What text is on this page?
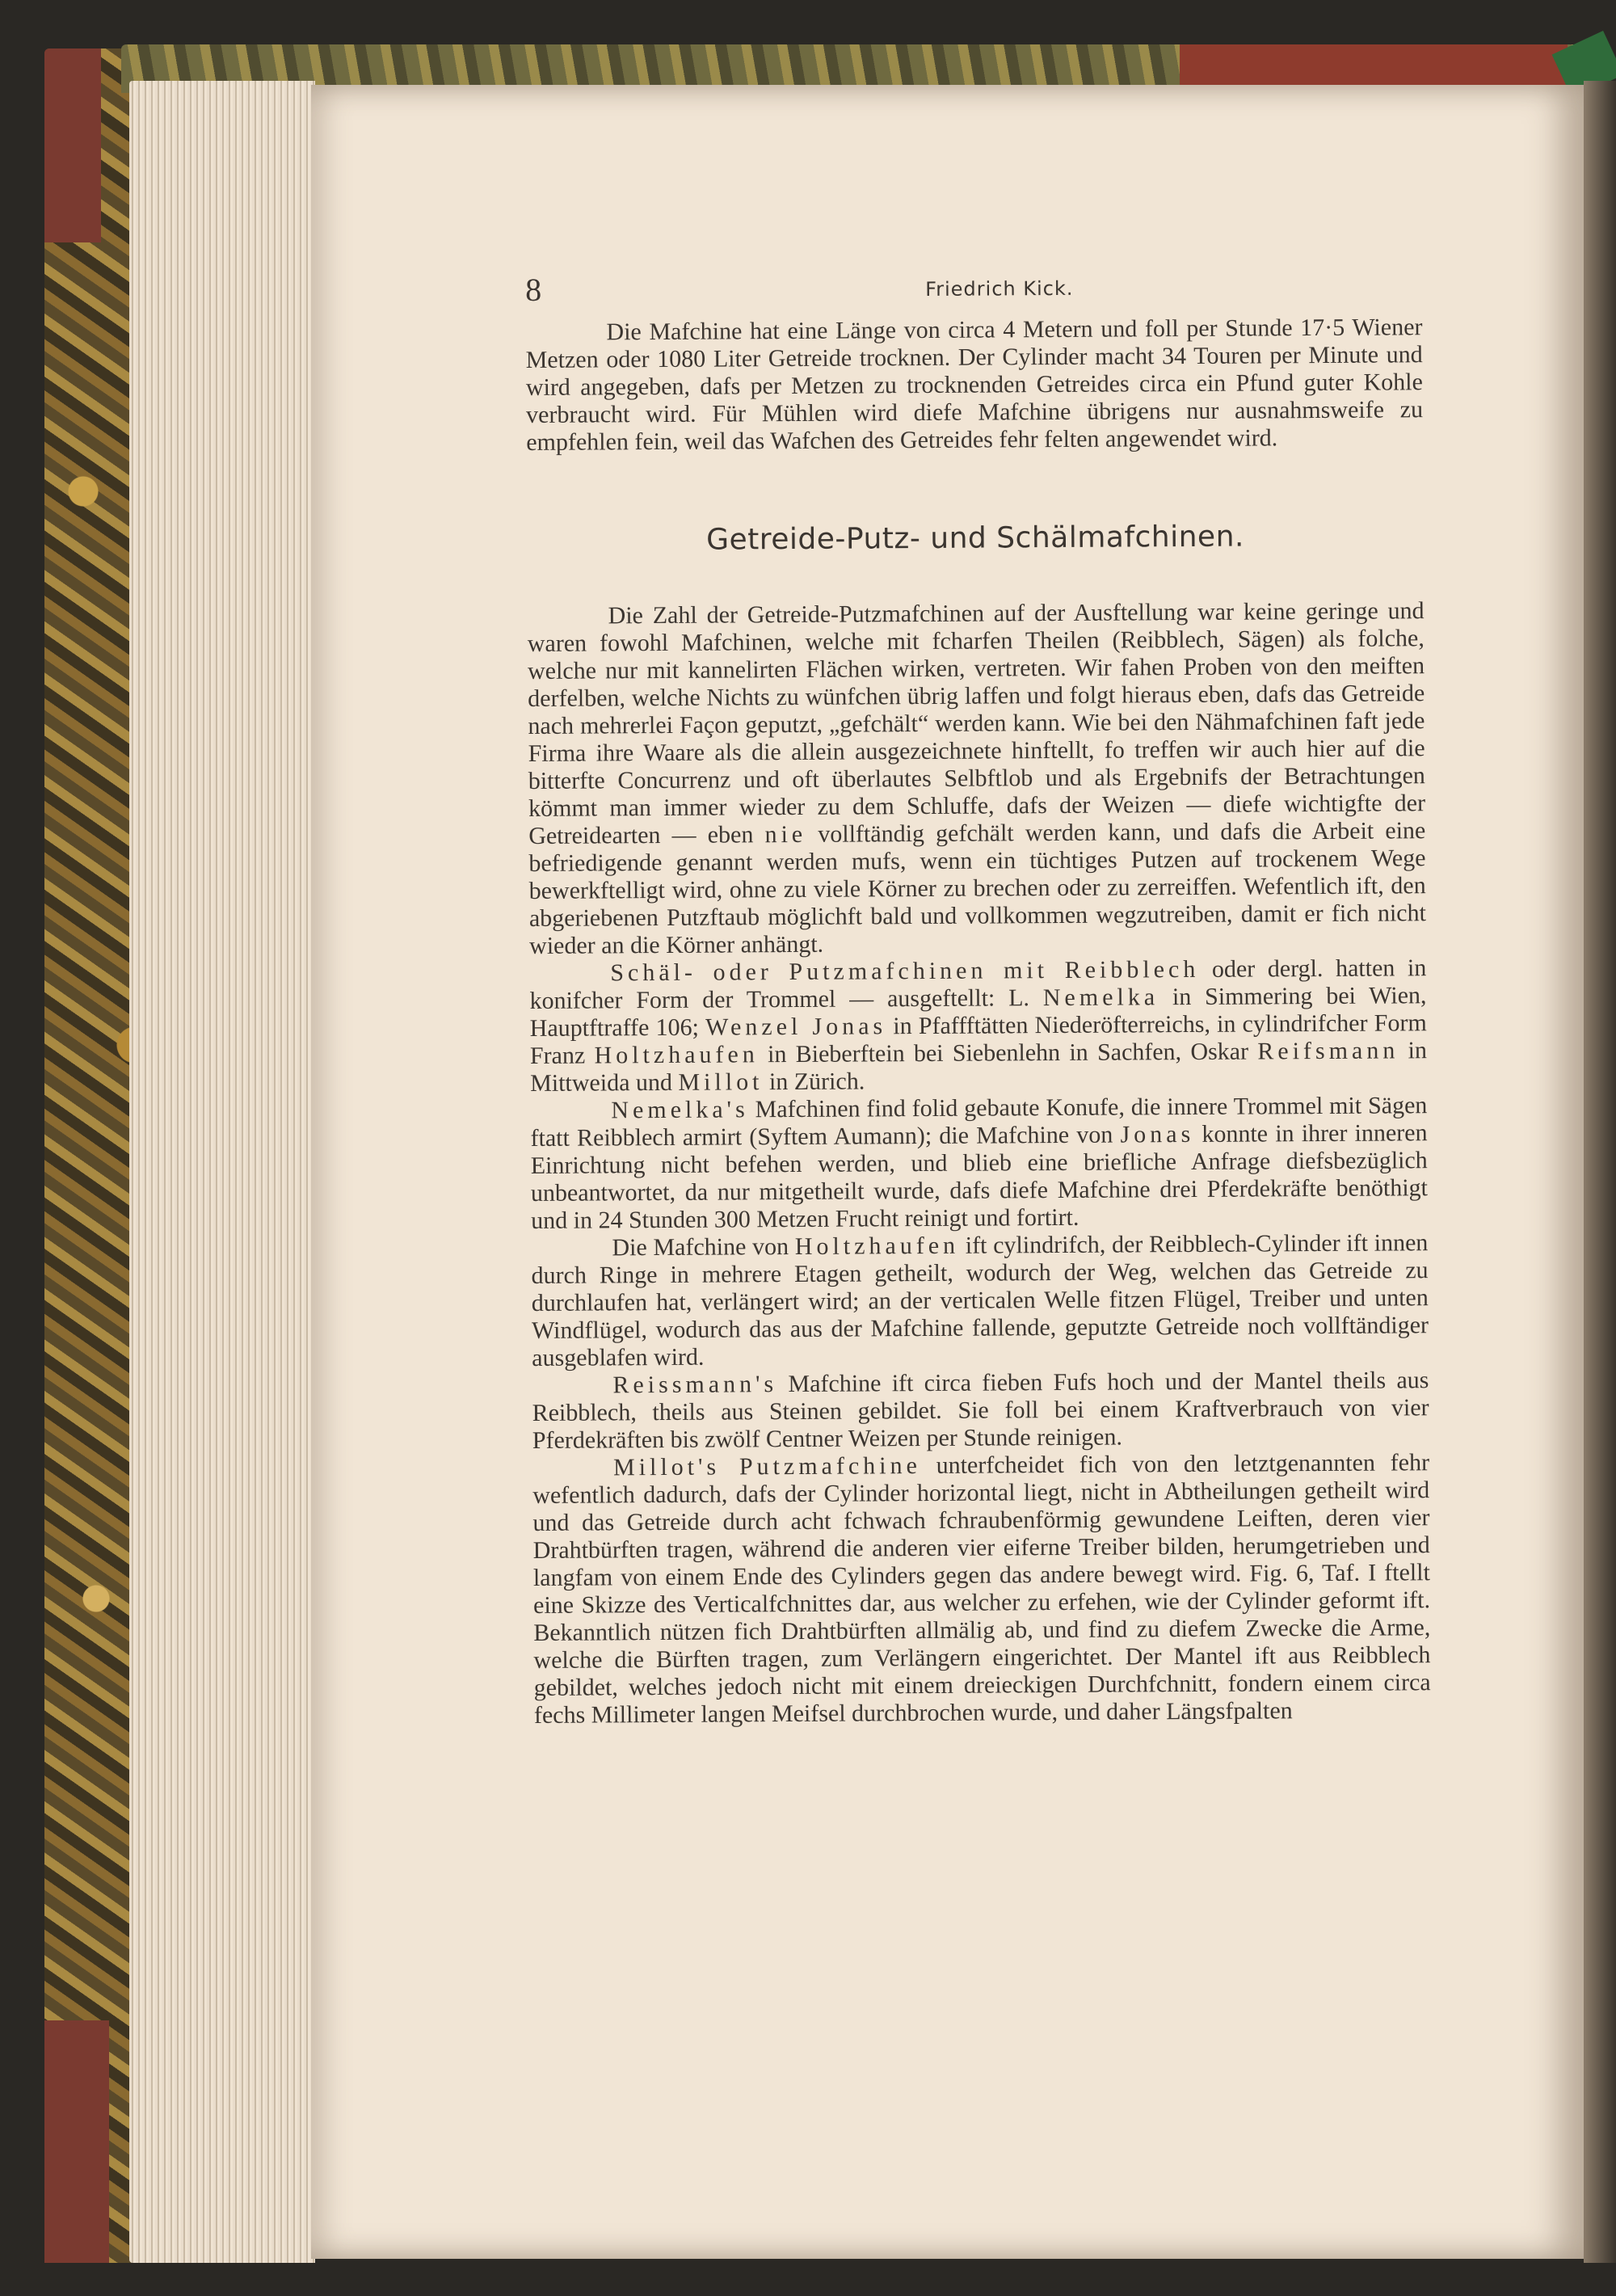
8	Friedrich Kick.

Die Mafchine hat eine Länge von circa 4 Metern und foll per Stunde 17·5 Wiener Metzen oder 1080 Liter Getreide trocknen. Der Cylinder macht 34 Touren per Minute und wird angegeben, dafs per Metzen zu trocknenden Getreides circa ein Pfund guter Kohle verbraucht wird. Für Mühlen wird diefe Mafchine übrigens nur ausnahmsweife zu empfehlen fein, weil das Wafchen des Getreides fehr felten angewendet wird.

Getreide-Putz- und Schälmafchinen.

Die Zahl der Getreide-Putzmafchinen auf der Ausftellung war keine geringe und waren fowohl Mafchinen, welche mit fcharfen Theilen (Reibblech, Sägen) als folche, welche nur mit kannelirten Flächen wirken, vertreten. Wir fahen Proben von den meiften derfelben, welche Nichts zu wünfchen übrig laffen und folgt hieraus eben, dafs das Getreide nach mehrerlei Façon geputzt, „gefchält“ werden kann. Wie bei den Nähmafchinen faft jede Firma ihre Waare als die allein ausgezeichnete hinftellt, fo treffen wir auch hier auf die bitterfte Concurrenz und oft überlautes Selbftlob und als Ergebnifs der Betrachtungen kömmt man immer wieder zu dem Schluffe, dafs der Weizen — diefe wichtigfte der Getreidearten — eben nie vollftändig gefchält werden kann, und dafs die Arbeit eine befriedigende genannt werden mufs, wenn ein tüchtiges Putzen auf trockenem Wege bewerkftelligt wird, ohne zu viele Körner zu brechen oder zu zerreiffen. Wefentlich ift, den abgeriebenen Putzftaub möglichft bald und vollkommen wegzutreiben, damit er fich nicht wieder an die Körner anhängt.

Schäl- oder Putzmafchinen mit Reibblech oder dergl. hatten in konifcher Form der Trommel — ausgeftellt: L. Nemelka in Simmering bei Wien, Hauptftraffe 106; Wenzel Jonas in Pfaffftätten Niederöfterreichs, in cylindrifcher Form Franz Holtzhaufen in Bieberftein bei Siebenlehn in Sachfen, Oskar Reifsmann in Mittweida und Millot in Zürich.

Nemelka's Mafchinen find folid gebaute Konufe, die innere Trommel mit Sägen ftatt Reibblech armirt (Syftem Aumann); die Mafchine von Jonas konnte in ihrer inneren Einrichtung nicht befehen werden, und blieb eine briefliche Anfrage diefsbezüglich unbeantwortet, da nur mitgetheilt wurde, dafs diefe Mafchine drei Pferdekräfte benöthigt und in 24 Stunden 300 Metzen Frucht reinigt und fortirt.

Die Mafchine von Holtzhaufen ift cylindrifch, der Reibblech-Cylinder ift innen durch Ringe in mehrere Etagen getheilt, wodurch der Weg, welchen das Getreide zu durchlaufen hat, verlängert wird; an der verticalen Welle fitzen Flügel, Treiber und unten Windflügel, wodurch das aus der Mafchine fallende, geputzte Getreide noch vollftändiger ausgeblafen wird.

Reissmann's Mafchine ift circa fieben Fufs hoch und der Mantel theils aus Reibblech, theils aus Steinen gebildet. Sie foll bei einem Kraftverbrauch von vier Pferdekräften bis zwölf Centner Weizen per Stunde reinigen.

Millot's Putzmafchine unterfcheidet fich von den letztgenannten fehr wefentlich dadurch, dafs der Cylinder horizontal liegt, nicht in Abtheilungen getheilt wird und das Getreide durch acht fchwach fchraubenförmig gewundene Leiften, deren vier Drahtbürften tragen, während die anderen vier eiferne Treiber bilden, herumgetrieben und langfam von einem Ende des Cylinders gegen das andere bewegt wird. Fig. 6, Taf. I ftellt eine Skizze des Verticalfchnittes dar, aus welcher zu erfehen, wie der Cylinder geformt ift. Bekanntlich nützen fich Drahtbürften allmälig ab, und find zu diefem Zwecke die Arme, welche die Bürften tragen, zum Verlängern eingerichtet. Der Mantel ift aus Reibblech gebildet, welches jedoch nicht mit einem dreieckigen Durchfchnitt, fondern einem circa fechs Millimeter langen Meifsel durchbrochen wurde, und daher Längsfpalten
